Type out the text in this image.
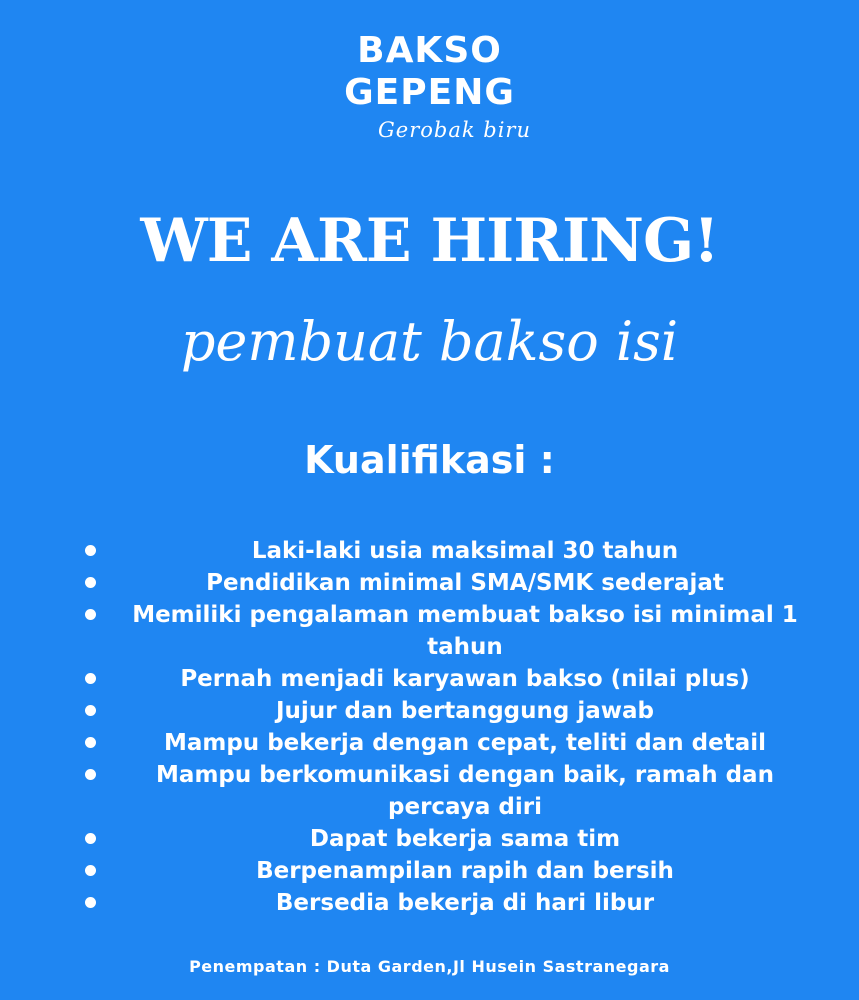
BAKSO
GEPENG
Gerobak biru
WE ARE HIRING!
pembuat bakso isi
Kualifikasi :
Laki-laki usia maksimal 30 tahun
Pendidikan minimal SMA/SMK sederajat
Memiliki pengalaman membuat bakso isi minimal 1 tahun
Pernah menjadi karyawan bakso (nilai plus)
Jujur dan bertanggung jawab
Mampu bekerja dengan cepat, teliti dan detail
Mampu berkomunikasi dengan baik, ramah dan percaya diri
Dapat bekerja sama tim
Berpenampilan rapih dan bersih
Bersedia bekerja di hari libur
Penempatan : Duta Garden,Jl Husein Sastranegara
